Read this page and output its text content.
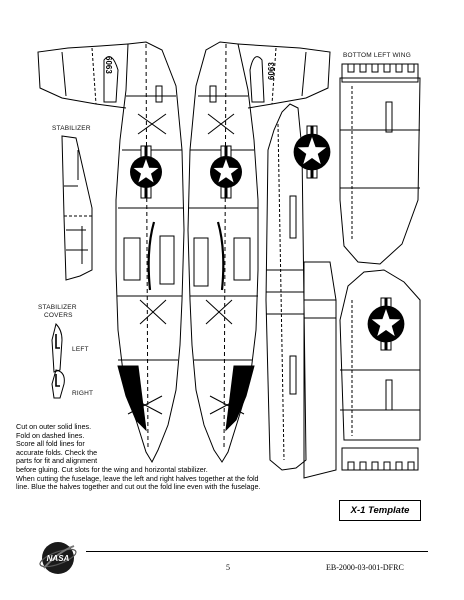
6063	6063
BOTTOM LEFT WING
STABILIZER
STABILIZER
COVERS
LEFT
RIGHT
Cut on outer solid lines.
Fold on dashed lines.
Score all fold lines for
accurate folds. Check the
parts for fit and alignment
before gluing. Cut slots for the wing and horizontal stabilizer.
When cutting the fuselage, leave the left and right halves together at the fold
line. Blue the halves together and cut out the fold line even with the fuselage.
X-1 Template
NASA
5	EB-2000-03-001-DFRC
